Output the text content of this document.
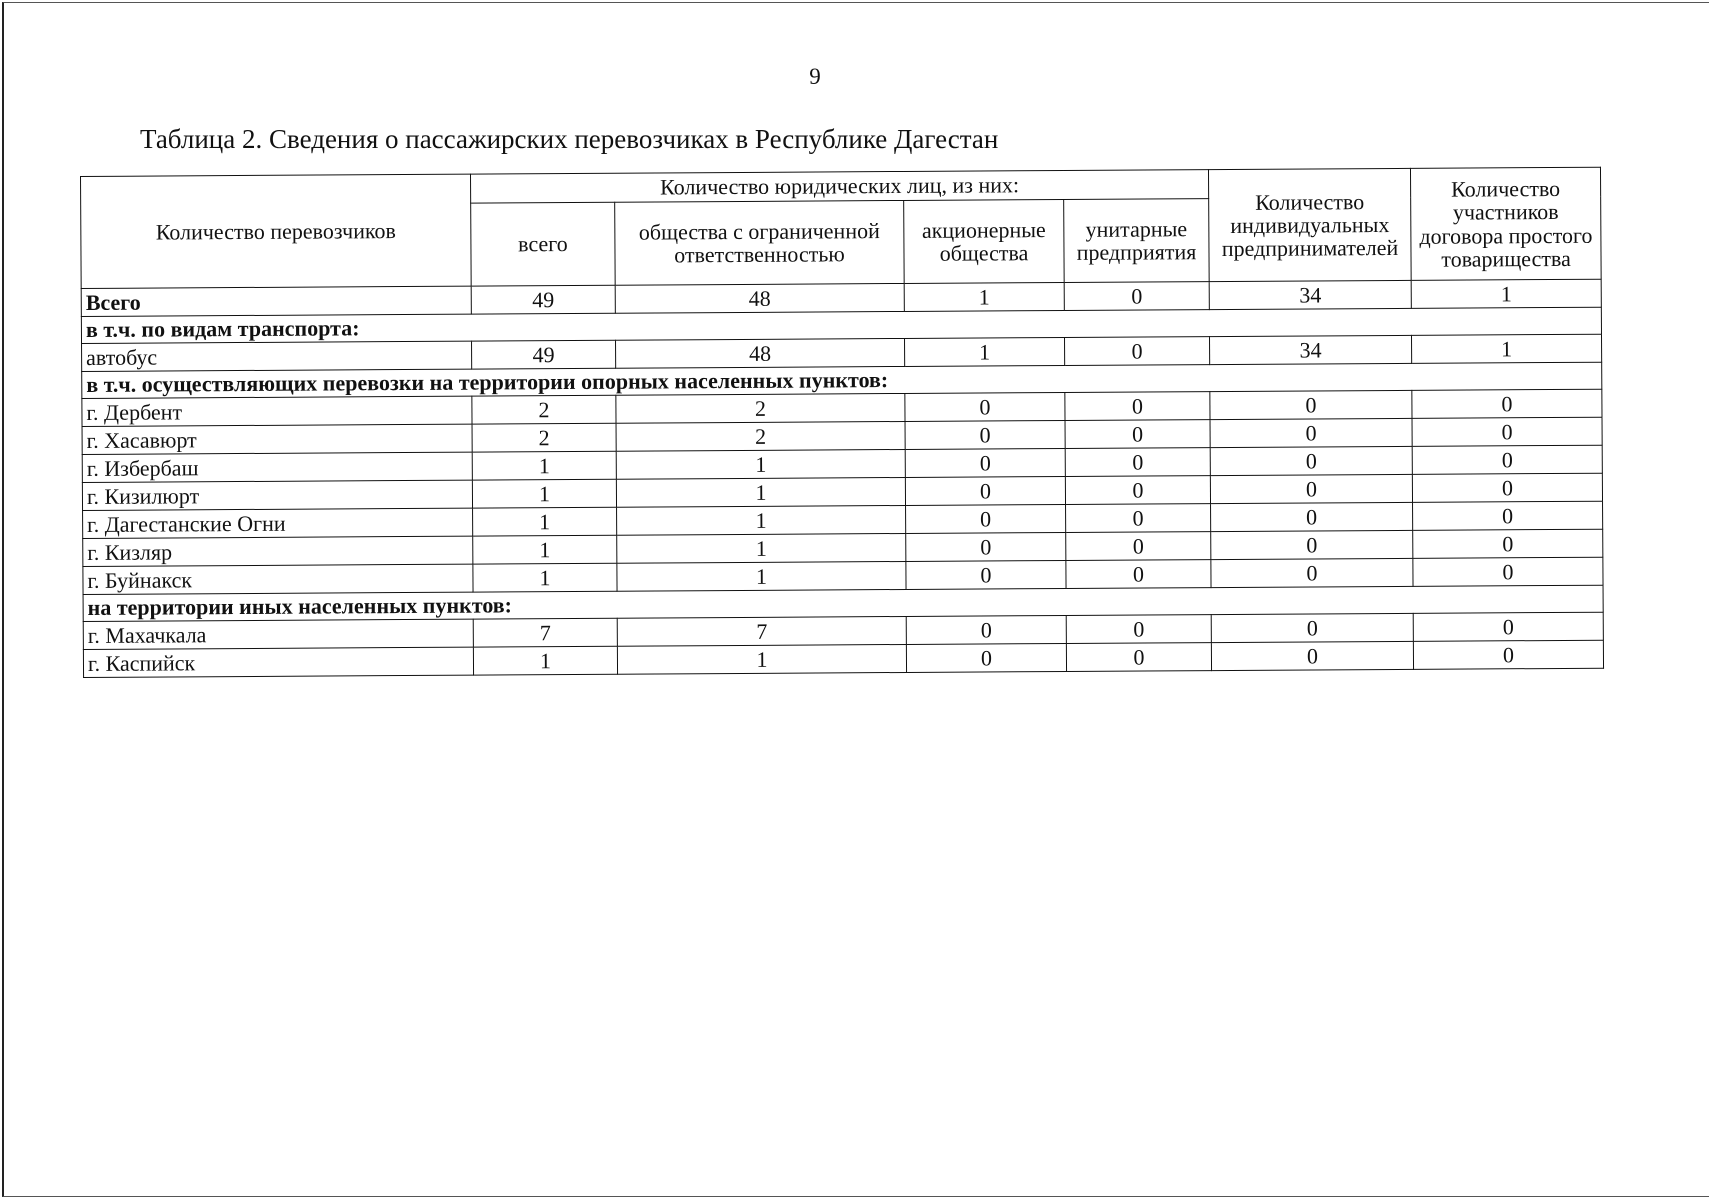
9
Таблица 2. Сведения о пассажирских перевозчиках в Республике Дагестан
Количество перевозчиков	Количество юридических лиц, из них:				Количество индивидуальных предпринимателей	Количество участников договора простого товарищества
	всего	общества с ограниченной ответственностью	акционерные общества	унитарные предприятия		
Всего	49	48	1	0	34	1
в т.ч. по видам транспорта:						
автобус	49	48	1	0	34	1
в т.ч. осуществляющих перевозки на территории опорных населенных пунктов:						
г. Дербент	2	2	0	0	0	0
г. Хасавюрт	2	2	0	0	0	0
г. Избербаш	1	1	0	0	0	0
г. Кизилюрт	1	1	0	0	0	0
г. Дагестанские Огни	1	1	0	0	0	0
г. Кизляр	1	1	0	0	0	0
г. Буйнакск	1	1	0	0	0	0
на территории иных населенных пунктов:						
г. Махачкала	7	7	0	0	0	0
г. Каспийск	1	1	0	0	0	0
